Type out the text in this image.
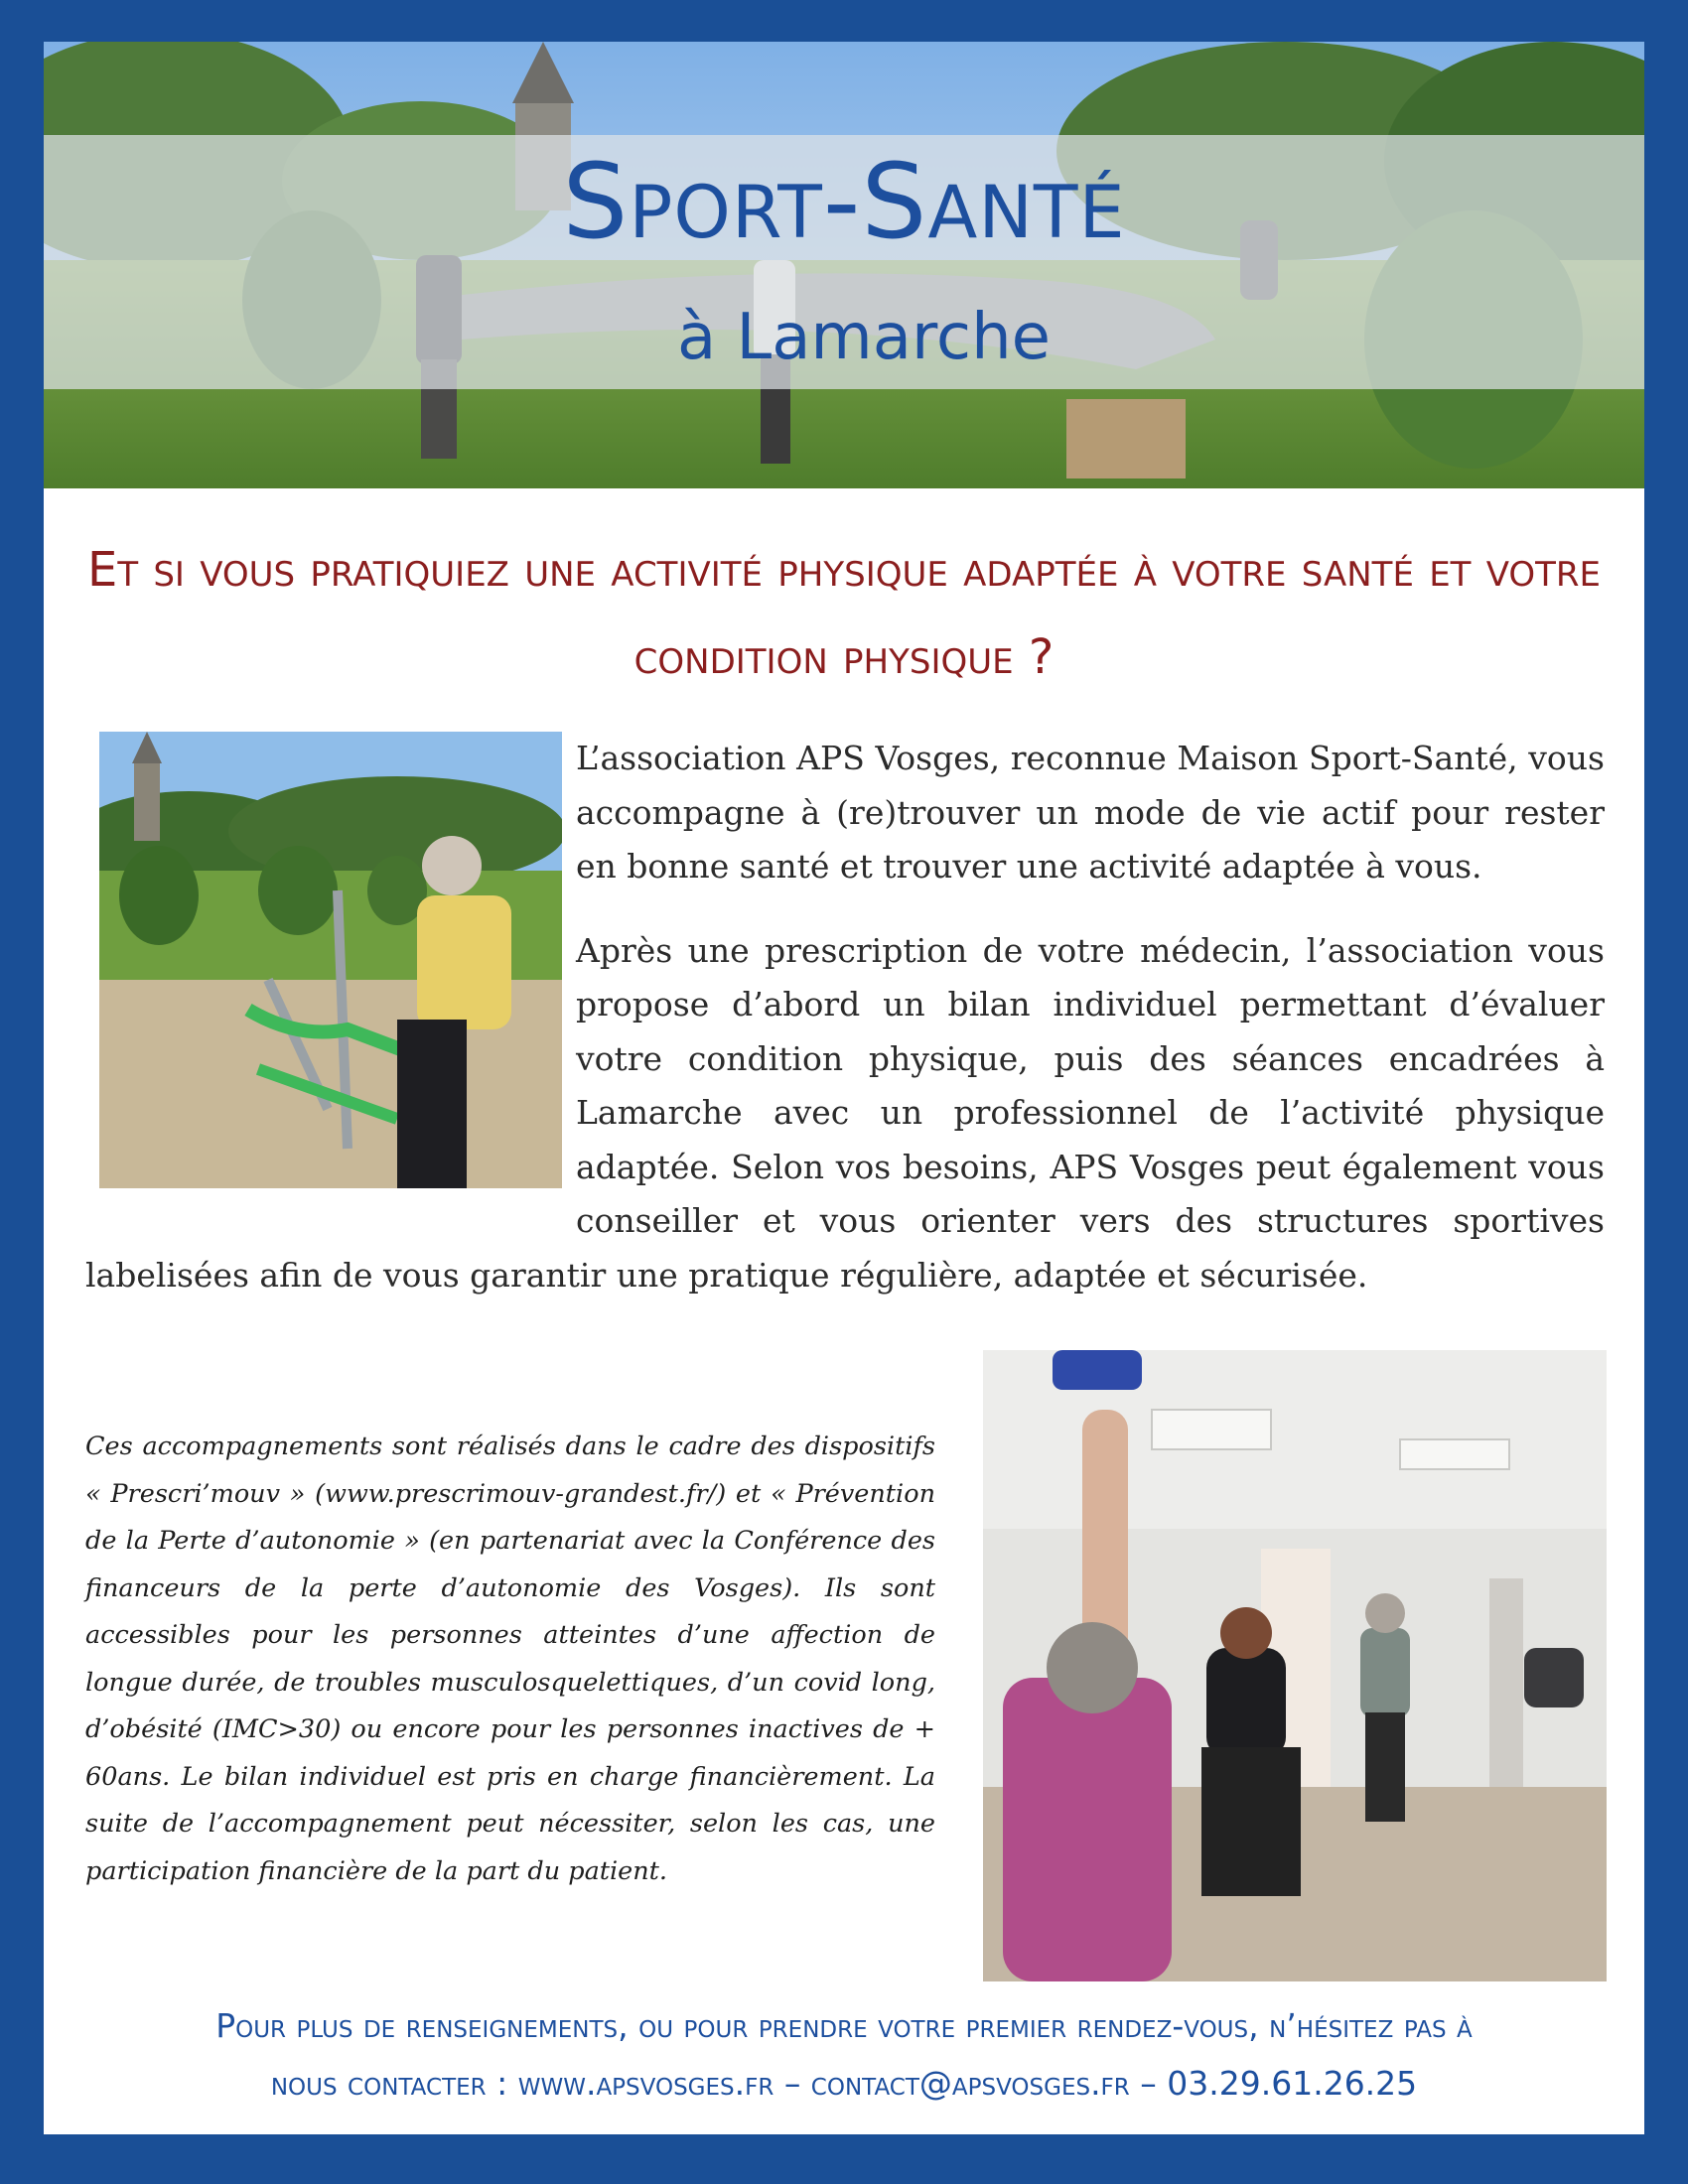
Sport-Santé
à Lamarche
Et si vous pratiquiez une activité physique adaptée à votre santé et votre condition physique ?

L’association APS Vosges, reconnue Maison Sport-Santé, vous accompagne à (re)trouver un mode de vie actif pour rester en bonne santé et trouver une activité adaptée à vous.

Après une prescription de votre médecin, l’association vous propose d’abord un bilan individuel permettant d’évaluer votre condition physique, puis des séances encadrées à Lamarche avec un professionnel de l’activité physique adaptée. Selon vos besoins, APS Vosges peut également vous conseiller et vous orienter vers des structures sportives labelisées afin de vous garantir une pratique régulière, adaptée et sécurisée.

Ces accompagnements sont réalisés dans le cadre des dispositifs « Prescri’mouv » (www.prescrimouv-grandest.fr/) et « Prévention de la Perte d’autonomie » (en partenariat avec la Conférence des financeurs de la perte d’autonomie des Vosges). Ils sont accessibles pour les personnes atteintes d’une affection de longue durée, de troubles musculosquelettiques, d’un covid long, d’obésité (IMC>30) ou encore pour les personnes inactives de + 60ans. Le bilan individuel est pris en charge financièrement. La suite de l’accompagnement peut nécessiter, selon les cas, une participation financière de la part du patient.
Pour plus de renseignements, ou pour prendre votre premier rendez-vous, n’hésitez pas à
nous contacter : www.apsvosges.fr – contact@apsvosges.fr – 03.29.61.26.25
